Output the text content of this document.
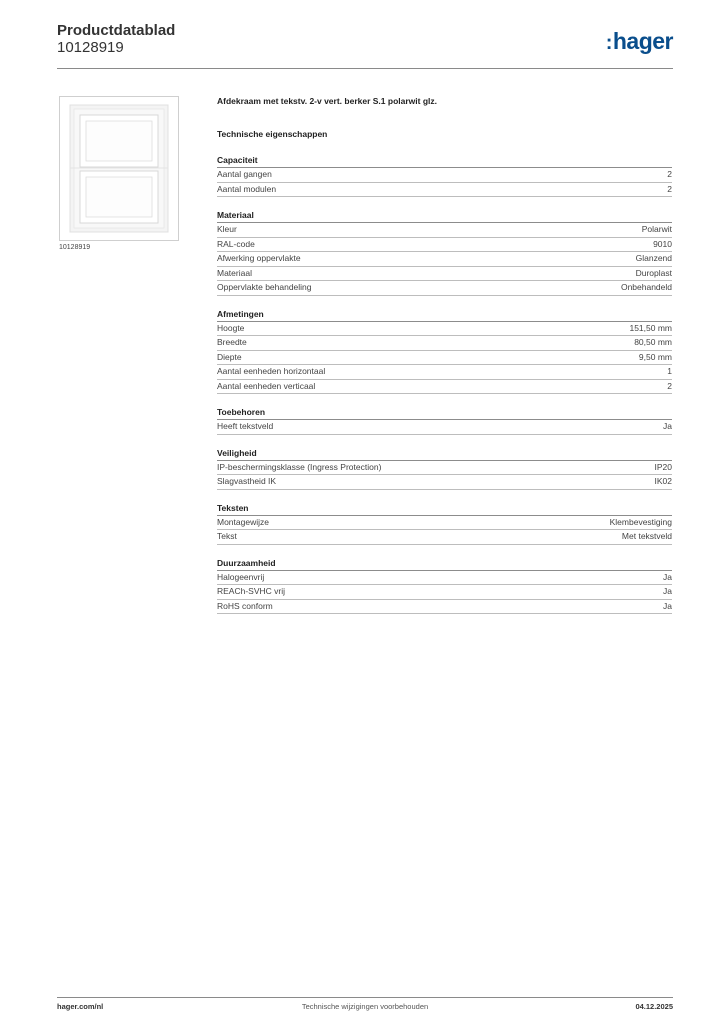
Productdatablad
10128919	:hager
10128919
Afdekraam met tekstv. 2-v vert. berker S.1 polarwit glz.
Technische eigenschappen
Capaciteit
Aantal gangen	2
Aantal modulen	2
Materiaal
Kleur	Polarwit
RAL-code	9010
Afwerking oppervlakte	Glanzend
Materiaal	Duroplast
Oppervlakte behandeling	Onbehandeld
Afmetingen
Hoogte	151,50 mm
Breedte	80,50 mm
Diepte	9,50 mm
Aantal eenheden horizontaal	1
Aantal eenheden verticaal	2
Toebehoren
Heeft tekstveld	Ja
Veiligheid
IP-beschermingsklasse (Ingress Protection)	IP20
Slagvastheid IK	IK02
Teksten
Montagewijze	Klembevestiging
Tekst	Met tekstveld
Duurzaamheid
Halogeenvrij	Ja
REACh-SVHC vrij	Ja
RoHS conform	Ja
hager.com/nl	Technische wijzigingen voorbehouden	04.12.2025
